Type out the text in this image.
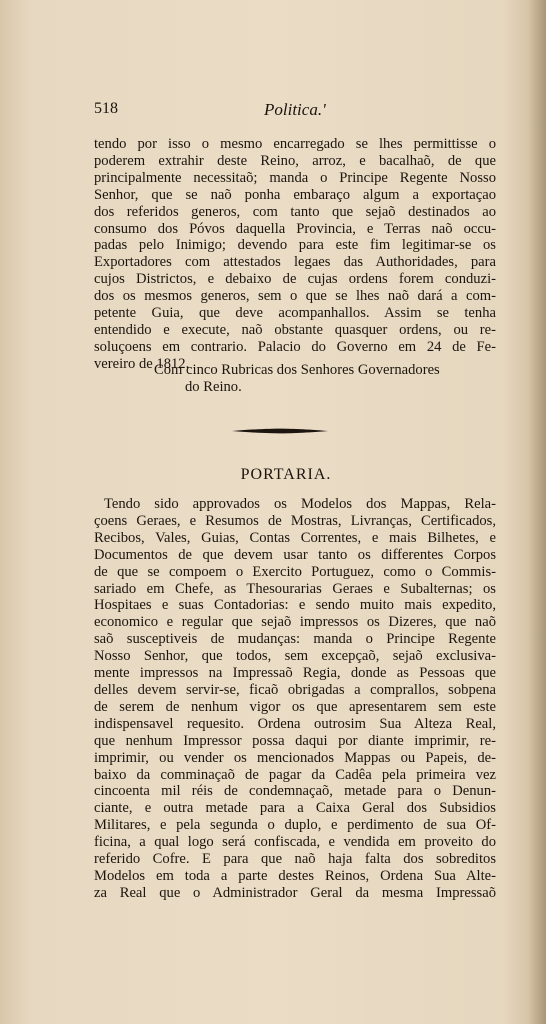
518	Politica.'
tendo por isso o mesmo encarregado se lhes permittisse o
poderem extrahir deste Reino, arroz, e bacalhaõ, de que
principalmente necessitaõ; manda o Principe Regente Nosso
Senhor, que se naõ ponha embaraço algum a exportaçao
dos referidos generos, com tanto que sejaõ destinados ao
consumo dos Póvos daquella Provincia, e Terras naõ occu-
padas pelo Inimigo; devendo para este fim legitimar-se os
Exportadores com attestados legaes das Authoridades, para
cujos Districtos, e debaixo de cujas ordens forem conduzi-
dos os mesmos generos, sem o que se lhes naõ dará a com-
petente Guia, que deve acompanhallos. Assim se tenha
entendido e execute, naõ obstante quasquer ordens, ou re-
soluçoens em contrario. Palacio do Governo em 24 de Fe-
vereiro de 1812.
Com cinco Rubricas dos Senhores Governadores
do Reino.
PORTARIA.
Tendo sido approvados os Modelos dos Mappas, Rela-
çoens Geraes, e Resumos de Mostras, Livranças, Certificados,
Recibos, Vales, Guias, Contas Correntes, e mais Bilhetes, e
Documentos de que devem usar tanto os differentes Corpos
de que se compoem o Exercito Portuguez, como o Commis-
sariado em Chefe, as Thesourarias Geraes e Subalternas; os
Hospitaes e suas Contadorias: e sendo muito mais expedito,
economico e regular que sejaõ impressos os Dizeres, que naõ
saõ susceptiveis de mudanças: manda o Principe Regente
Nosso Senhor, que todos, sem excepçaõ, sejaõ exclusiva-
mente impressos na Impressaõ Regia, donde as Pessoas que
delles devem servir-se, ficaõ obrigadas a comprallos, sobpena
de serem de nenhum vigor os que apresentarem sem este
indispensavel requesito. Ordena outrosim Sua Alteza Real,
que nenhum Impressor possa daqui por diante imprimir, re-
imprimir, ou vender os mencionados Mappas ou Papeis, de-
baixo da comminaçaõ de pagar da Cadêa pela primeira vez
cincoenta mil réis de condemnaçaõ, metade para o Denun-
ciante, e outra metade para a Caixa Geral dos Subsidios
Militares, e pela segunda o duplo, e perdimento de sua Of-
ficina, a qual logo será confiscada, e vendida em proveito do
referido Cofre. E para que naõ haja falta dos sobreditos
Modelos em toda a parte destes Reinos, Ordena Sua Alte-
za Real que o Administrador Geral da mesma Impressaõ
